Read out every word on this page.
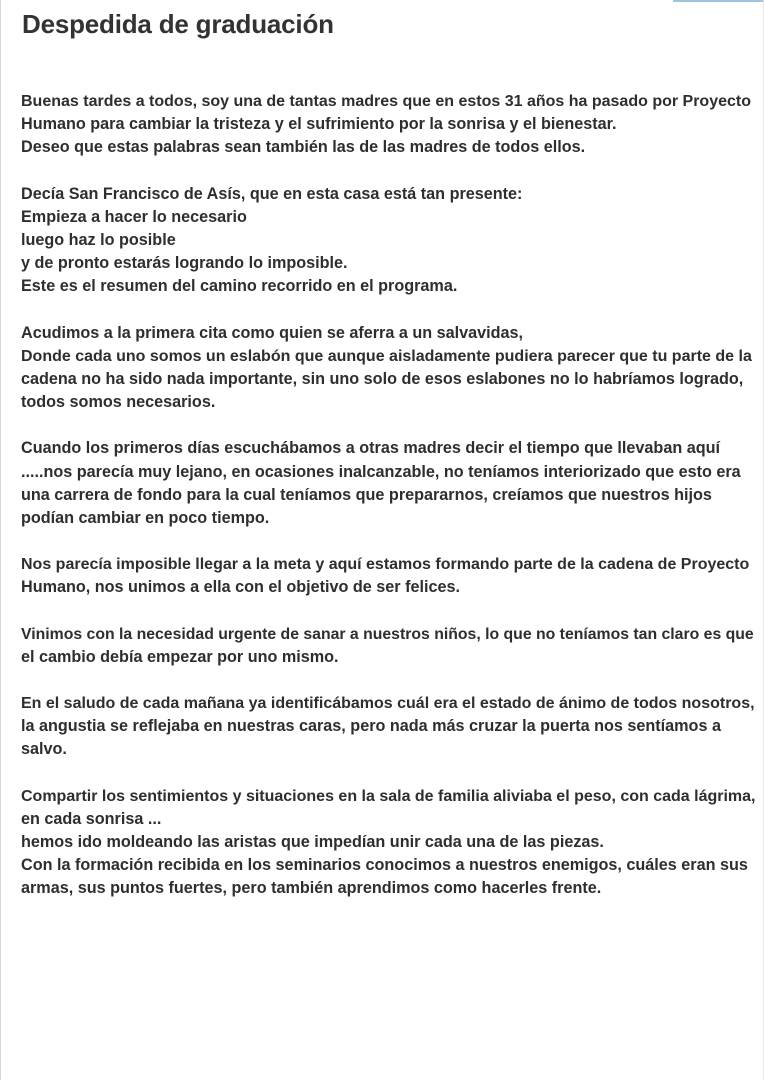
Despedida de graduación
Buenas tardes a todos, soy una de tantas madres que en estos 31 años ha pasado por Proyecto
Humano para cambiar la tristeza y el sufrimiento por la sonrisa y el bienestar.
Deseo que estas palabras sean también las de las madres de todos ellos.
Decía San Francisco de Asís, que en esta casa está tan presente:
Empieza a hacer lo necesario
luego haz lo posible
y de pronto estarás logrando lo imposible.
Este es el resumen del camino recorrido en el programa.
Acudimos a la primera cita como quien se aferra a un salvavidas,
Donde cada uno somos un eslabón que aunque aisladamente pudiera parecer que tu parte de la
cadena no ha sido nada importante, sin uno solo de esos eslabones no lo habríamos logrado,
todos somos necesarios.
Cuando los primeros días escuchábamos a otras madres decir el tiempo que llevaban aquí
.....nos parecía muy lejano, en ocasiones inalcanzable, no teníamos interiorizado que esto era
una carrera de fondo para la cual teníamos que prepararnos, creíamos que nuestros hijos
podían cambiar en poco tiempo.
Nos parecía imposible llegar a la meta y aquí estamos formando parte de la cadena de Proyecto
Humano, nos unimos a ella con el objetivo de ser felices.
Vinimos con la necesidad urgente de sanar a nuestros niños, lo que no teníamos tan claro es que
el cambio debía empezar por uno mismo.
En el saludo de cada mañana ya identificábamos cuál era el estado de ánimo de todos nosotros,
la angustia se reflejaba en nuestras caras, pero nada más cruzar la puerta nos sentíamos a
salvo.
Compartir los sentimientos y situaciones en la sala de familia aliviaba el peso, con cada lágrima,
en cada sonrisa ...
hemos ido moldeando las aristas que impedían unir cada una de las piezas.
Con la formación recibida en los seminarios conocimos a nuestros enemigos, cuáles eran sus
armas, sus puntos fuertes, pero también aprendimos como hacerles frente.
